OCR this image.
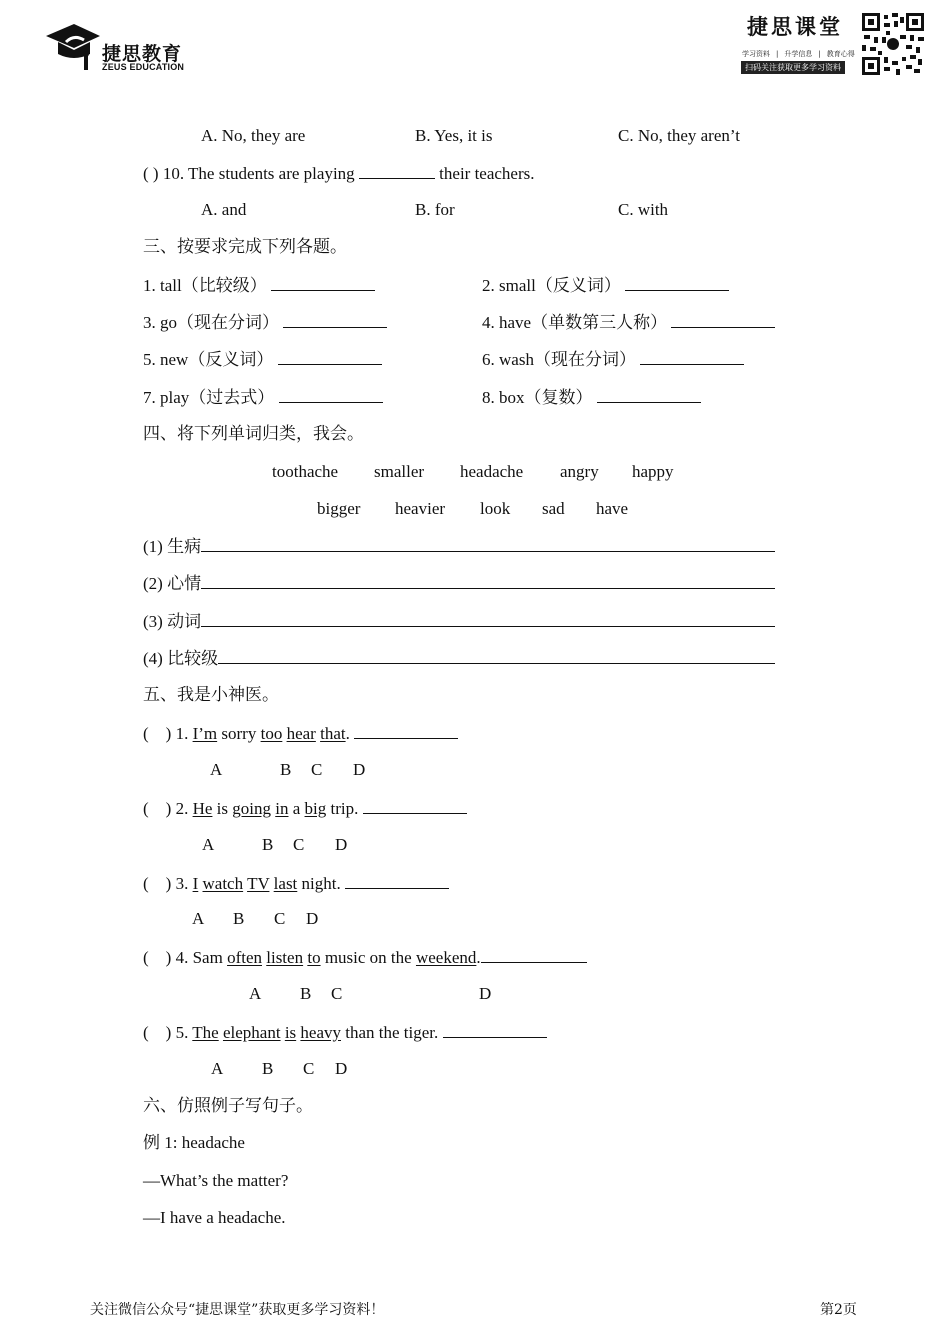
捷思教育
ZEUS EDUCATION
捷思课堂
学习资料 | 升学信息 | 教育心得
扫码关注获取更多学习资料
A. No, they are	B. Yes, it is	C. No, they aren’t
( ) 10. The students are playing	their teachers.
A. and	B. for	C. with
三、按要求完成下列各题。
1. tall（比较级）	2. small（反义词）
3. go（现在分词）	4. have（单数第三人称）
5. new（反义词）	6. wash（现在分词）
7. play（过去式）	8. box（复数）
四、将下列单词归类，我会。
toothache smaller headache angry happy
bigger heavier look sad have
(1) 生病
(2) 心情
(3) 动词
(4) 比较级
五、我是小神医。
(    ) 1. I’m sorry too hear that.
A	B C D
(    ) 2. He is going in a big trip.
A	B C D
(    ) 3. I watch TV last night.
A B C D
(    ) 4. Sam often listen to music on the weekend.
A B C	D
(    ) 5. The elephant is heavy than the tiger.
A B C D
六、仿照例子写句子。
例 1: headache
—What’s the matter?
—I have a headache.
关注微信公众号“捷思课堂”获取更多学习资料！	第2页
